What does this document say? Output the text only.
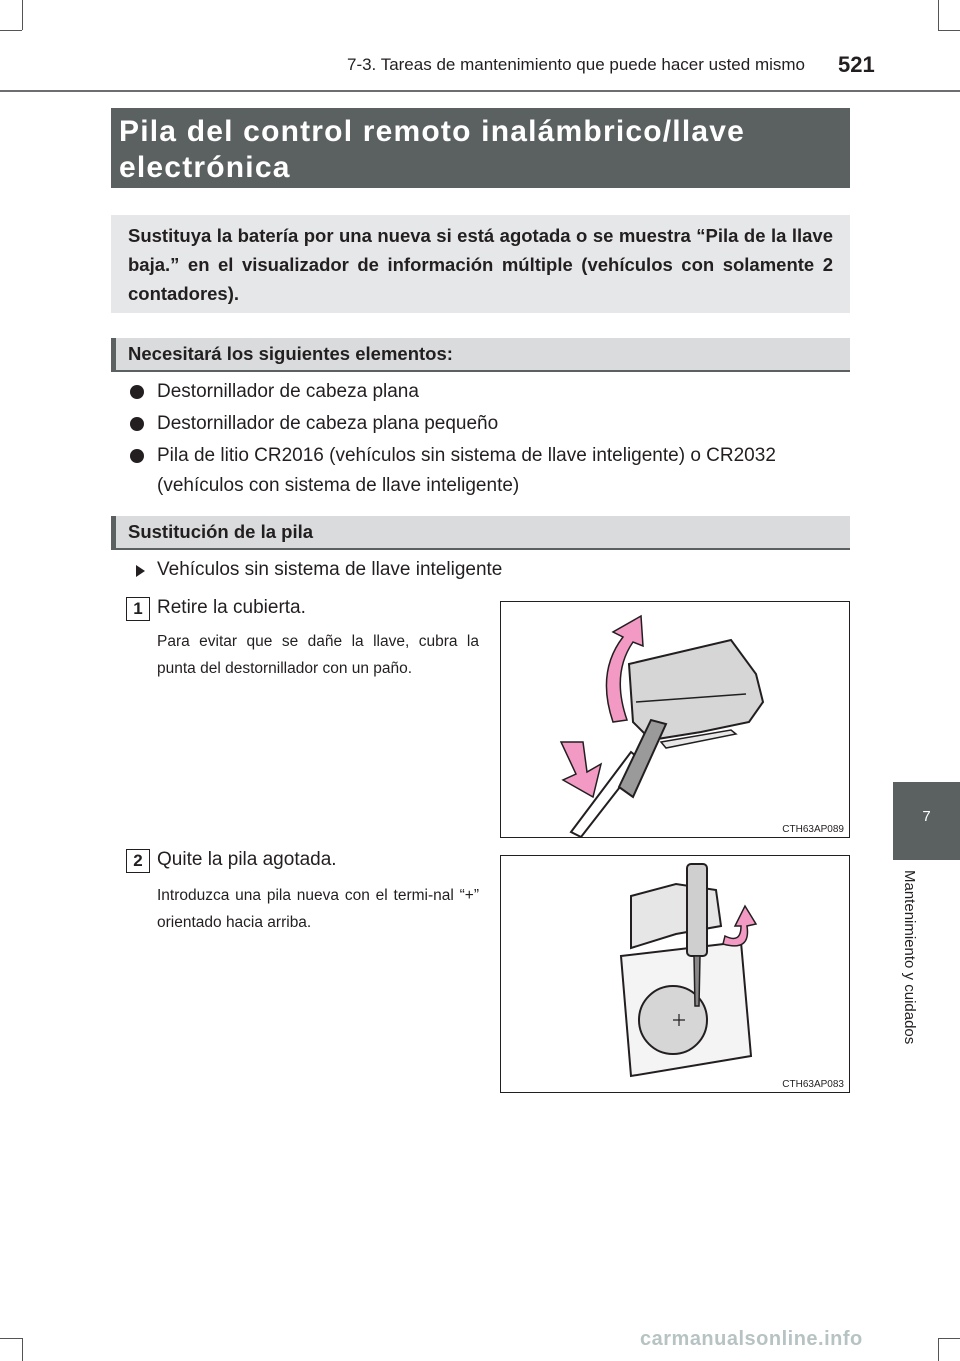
7-3. Tareas de mantenimiento que puede hacer usted mismo 521
7
Mantenimiento y cuidados
Pila del control remoto inalámbrico/llave electrónica
Sustituya la batería por una nueva si está agotada o se muestra “Pila de la llave baja.” en el visualizador de información múltiple (vehículos con solamente 2 contadores).
Necesitará los siguientes elementos:
Destornillador de cabeza plana
Destornillador de cabeza plana pequeño
Pila de litio CR2016 (vehículos sin sistema de llave inteligente) o CR2032 (vehículos con sistema de llave inteligente)
Sustitución de la pila
Vehículos sin sistema de llave inteligente
1 Retire la cubierta.
Para evitar que se dañe la llave, cubra la punta del destornillador con un paño.
CTH63AP089
2 Quite la pila agotada.
Introduzca una pila nueva con el termi-nal “+” orientado hacia arriba.
CTH63AP083
carmanualsonline.info
